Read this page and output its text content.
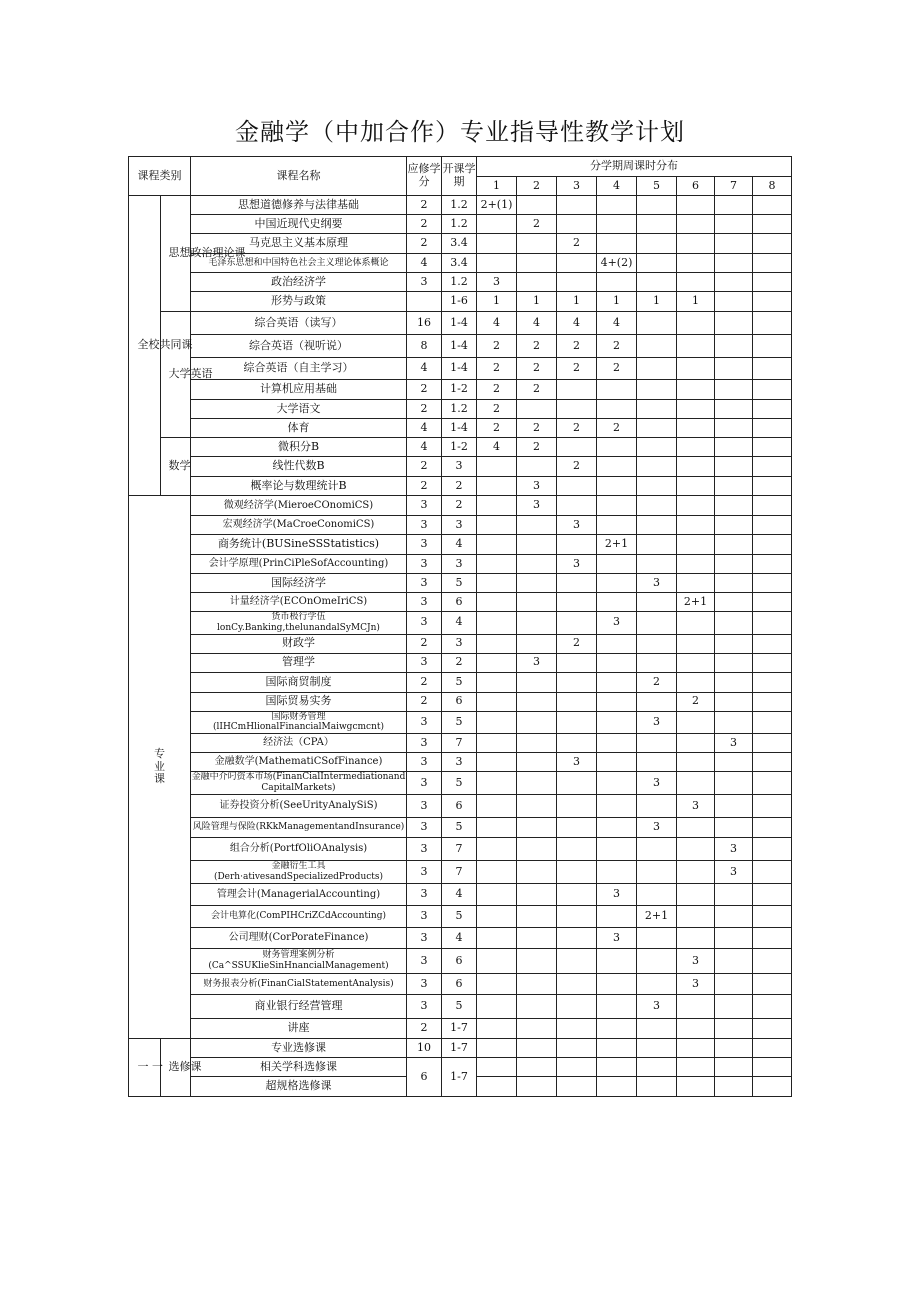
金融学（中加合作）专业指导性教学计划
课程类别		课程名称	应修学分	开课学期	分学期周课时分布							
					1	2	3	4	5	6	7	8
全校共同课	思想政治理论课	思想道德修养与法律基础	2	1.2	2+(1)							
		中国近现代史纲要	2	1.2		2						
		马克思主义基本原理	2	3.4			2					
		毛泽东思想和中国特色社会主义理论体系概论	4	3.4				4+(2)				
		政治经济学	3	1.2	3							
		形势与政策		1-6	1	1	1	1	1	1		
	大学英语	综合英语（读写）	16	1-4	4	4	4	4				
		综合英语（视听说）	8	1-4	2	2	2	2				
		综合英语（自主学习）	4	1-4	2	2	2	2				
		计算机应用基础	2	1-2	2	2						
		大学语文	2	1.2	2							
		体育	4	1-4	2	2	2	2				
	数学	微积分B	4	1-2	4	2						
		线性代数B	2	3			2					
		概率论与数理统计B	2	2		3						
专业课		微观经济学(MieroeCOnomiCS)	3	2		3						
		宏观经济学(MaCroeConomiCS)	3	3			3					
		商务统计(BUSineSSStatistics)	3	4				2+1				
		会计学原理(PrinCiPleSofAccounting)	3	3			3					
		国际经济学	3	5					3			
		计量经济学(ECOnOmeIriCS)	3	6						2+1		
		货币极行学伍 lonCy.Banking,thelunandalSyMCJn)	3	4				3				
		财政学	2	3			2					
		管理学	3	2		3						
		国际商贸制度	2	5					2			
		国际贸易实务	2	6						2		
		国际财务管理(lIHCmHlionalFinancialMaiwgcmcnt)	3	5					3			
		经济法（CPA）	3	7							3	
		金融数学(MathematiCSofFinance)	3	3			3					
		金融中介叼资本市场(FinanCialIntermediationand CapitalMarkets)	3	5					3			
		证券投资分析(SeeUrityAnalySiS)	3	6						3		
		风险管理与保险(RKkManagementandInsurance)	3	5					3			
		组合分析(PortfOliOAnalysis)	3	7							3	
		金融衍生工具(Derh·ativesandSpecializedProducts)	3	7							3	
		管理会计(ManagerialAccounting)	3	4				3				
		会计电算化(ComPIHCriZCdAccounting)	3	5					2+1			
		公司理财(CorPorateFinance)	3	4				3				
		财务管理案例分析 (Ca^SSUKlieSinHnancialManagement)	3	6						3		
		财务报表分析(FinanCialStatementAnalysis)	3	6						3		
		商业银行经营管理	3	5					3			
		讲座	2	1-7								
一 一	选修课	专业选修课	10	1-7								
		相关学科选修课	6	1-7								
		超规格选修课										
